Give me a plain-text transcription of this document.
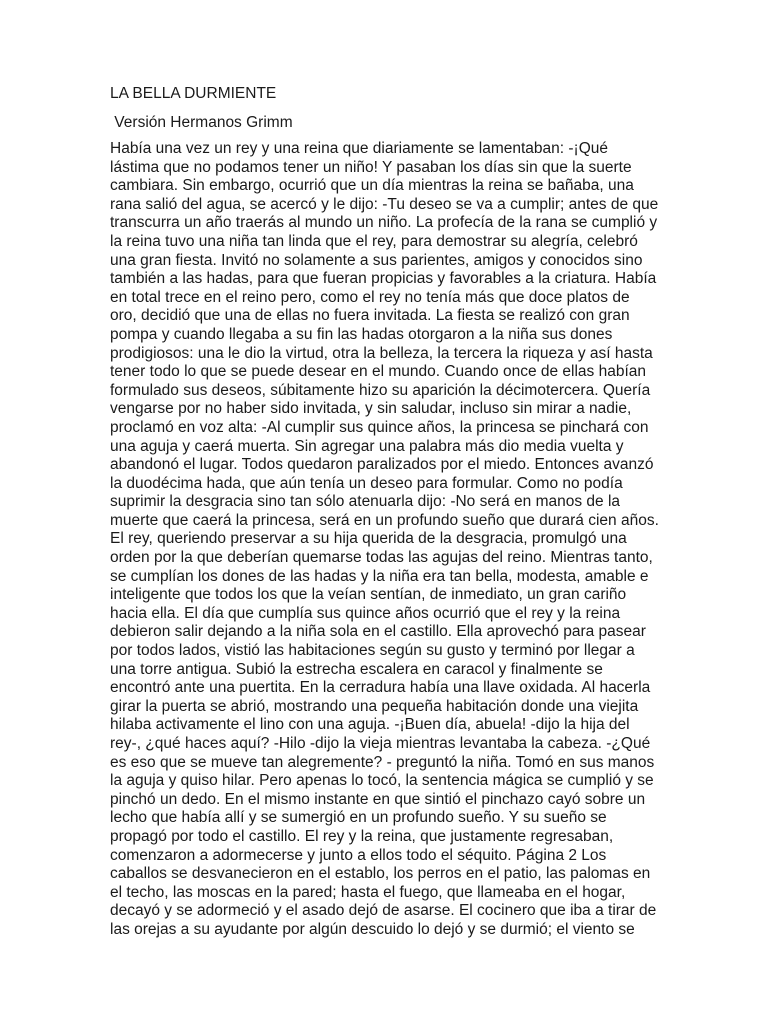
LA BELLA DURMIENTE
Versión Hermanos Grimm
Había una vez un rey y una reina que diariamente se lamentaban: -¡Qué
lástima que no podamos tener un niño! Y pasaban los días sin que la suerte
cambiara. Sin embargo, ocurrió que un día mientras la reina se bañaba, una
rana salió del agua, se acercó y le dijo: -Tu deseo se va a cumplir; antes de que
transcurra un año traerás al mundo un niño. La profecía de la rana se cumplió y
la reina tuvo una niña tan linda que el rey, para demostrar su alegría, celebró
una gran fiesta. Invitó no solamente a sus parientes, amigos y conocidos sino
también a las hadas, para que fueran propicias y favorables a la criatura. Había
en total trece en el reino pero, como el rey no tenía más que doce platos de
oro, decidió que una de ellas no fuera invitada. La fiesta se realizó con gran
pompa y cuando llegaba a su fin las hadas otorgaron a la niña sus dones
prodigiosos: una le dio la virtud, otra la belleza, la tercera la riqueza y así hasta
tener todo lo que se puede desear en el mundo. Cuando once de ellas habían
formulado sus deseos, súbitamente hizo su aparición la décimotercera. Quería
vengarse por no haber sido invitada, y sin saludar, incluso sin mirar a nadie,
proclamó en voz alta: -Al cumplir sus quince años, la princesa se pinchará con
una aguja y caerá muerta. Sin agregar una palabra más dio media vuelta y
abandonó el lugar. Todos quedaron paralizados por el miedo. Entonces avanzó
la duodécima hada, que aún tenía un deseo para formular. Como no podía
suprimir la desgracia sino tan sólo atenuarla dijo: -No será en manos de la
muerte que caerá la princesa, será en un profundo sueño que durará cien años.
El rey, queriendo preservar a su hija querida de la desgracia, promulgó una
orden por la que deberían quemarse todas las agujas del reino. Mientras tanto,
se cumplían los dones de las hadas y la niña era tan bella, modesta, amable e
inteligente que todos los que la veían sentían, de inmediato, un gran cariño
hacia ella. El día que cumplía sus quince años ocurrió que el rey y la reina
debieron salir dejando a la niña sola en el castillo. Ella aprovechó para pasear
por todos lados, vistió las habitaciones según su gusto y terminó por llegar a
una torre antigua. Subió la estrecha escalera en caracol y finalmente se
encontró ante una puertita. En la cerradura había una llave oxidada. Al hacerla
girar la puerta se abrió, mostrando una pequeña habitación donde una viejita
hilaba activamente el lino con una aguja. -¡Buen día, abuela! -dijo la hija del
rey-, ¿qué haces aquí? -Hilo -dijo la vieja mientras levantaba la cabeza. -¿Qué
es eso que se mueve tan alegremente? - preguntó la niña. Tomó en sus manos
la aguja y quiso hilar. Pero apenas lo tocó, la sentencia mágica se cumplió y se
pinchó un dedo. En el mismo instante en que sintió el pinchazo cayó sobre un
lecho que había allí y se sumergió en un profundo sueño. Y su sueño se
propagó por todo el castillo. El rey y la reina, que justamente regresaban,
comenzaron a adormecerse y junto a ellos todo el séquito. Página 2 Los
caballos se desvanecieron en el establo, los perros en el patio, las palomas en
el techo, las moscas en la pared; hasta el fuego, que llameaba en el hogar,
decayó y se adormeció y el asado dejó de asarse. El cocinero que iba a tirar de
las orejas a su ayudante por algún descuido lo dejó y se durmió; el viento se
